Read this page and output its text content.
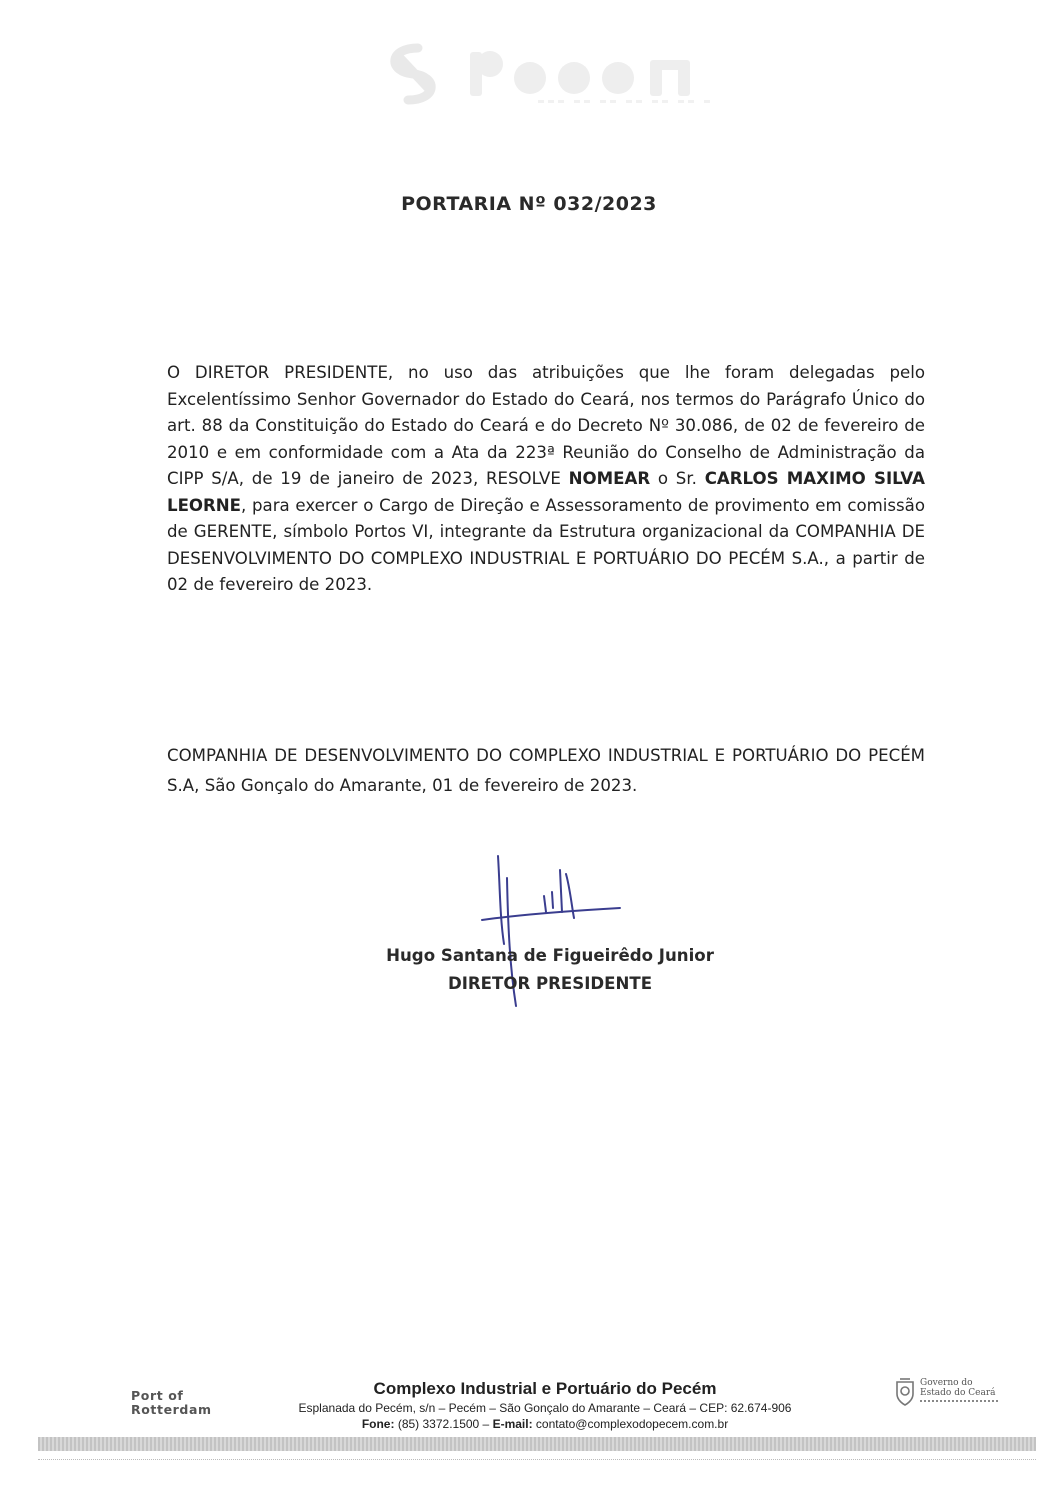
PORTARIA Nº 032/2023
O DIRETOR PRESIDENTE, no uso das atribuições que lhe foram delegadas pelo Excelentíssimo Senhor Governador do Estado do Ceará, nos termos do Parágrafo Único do art. 88 da Constituição do Estado do Ceará e do Decreto Nº 30.086, de 02 de fevereiro de 2010 e em conformidade com a Ata da 223ª Reunião do Conselho de Administração da CIPP S/A, de 19 de janeiro de 2023, RESOLVE NOMEAR o Sr. CARLOS MAXIMO SILVA LEORNE, para exercer o Cargo de Direção e Assessoramento de provimento em comissão de GERENTE, símbolo Portos VI, integrante da Estrutura organizacional da COMPANHIA DE DESENVOLVIMENTO DO COMPLEXO INDUSTRIAL E PORTUÁRIO DO PECÉM S.A., a partir de 02 de fevereiro de 2023.
COMPANHIA DE DESENVOLVIMENTO DO COMPLEXO INDUSTRIAL E PORTUÁRIO DO PECÉM S.A, São Gonçalo do Amarante, 01 de fevereiro de 2023.
Hugo Santana de Figueirêdo Junior
DIRETOR PRESIDENTE
Port of
Rotterdam
Complexo Industrial e Portuário do Pecém
Esplanada do Pecém, s/n – Pecém – São Gonçalo do Amarante – Ceará – CEP: 62.674-906
Fone: (85) 3372.1500 – E-mail: contato@complexodopecem.com.br
Governo do
Estado do Ceará
